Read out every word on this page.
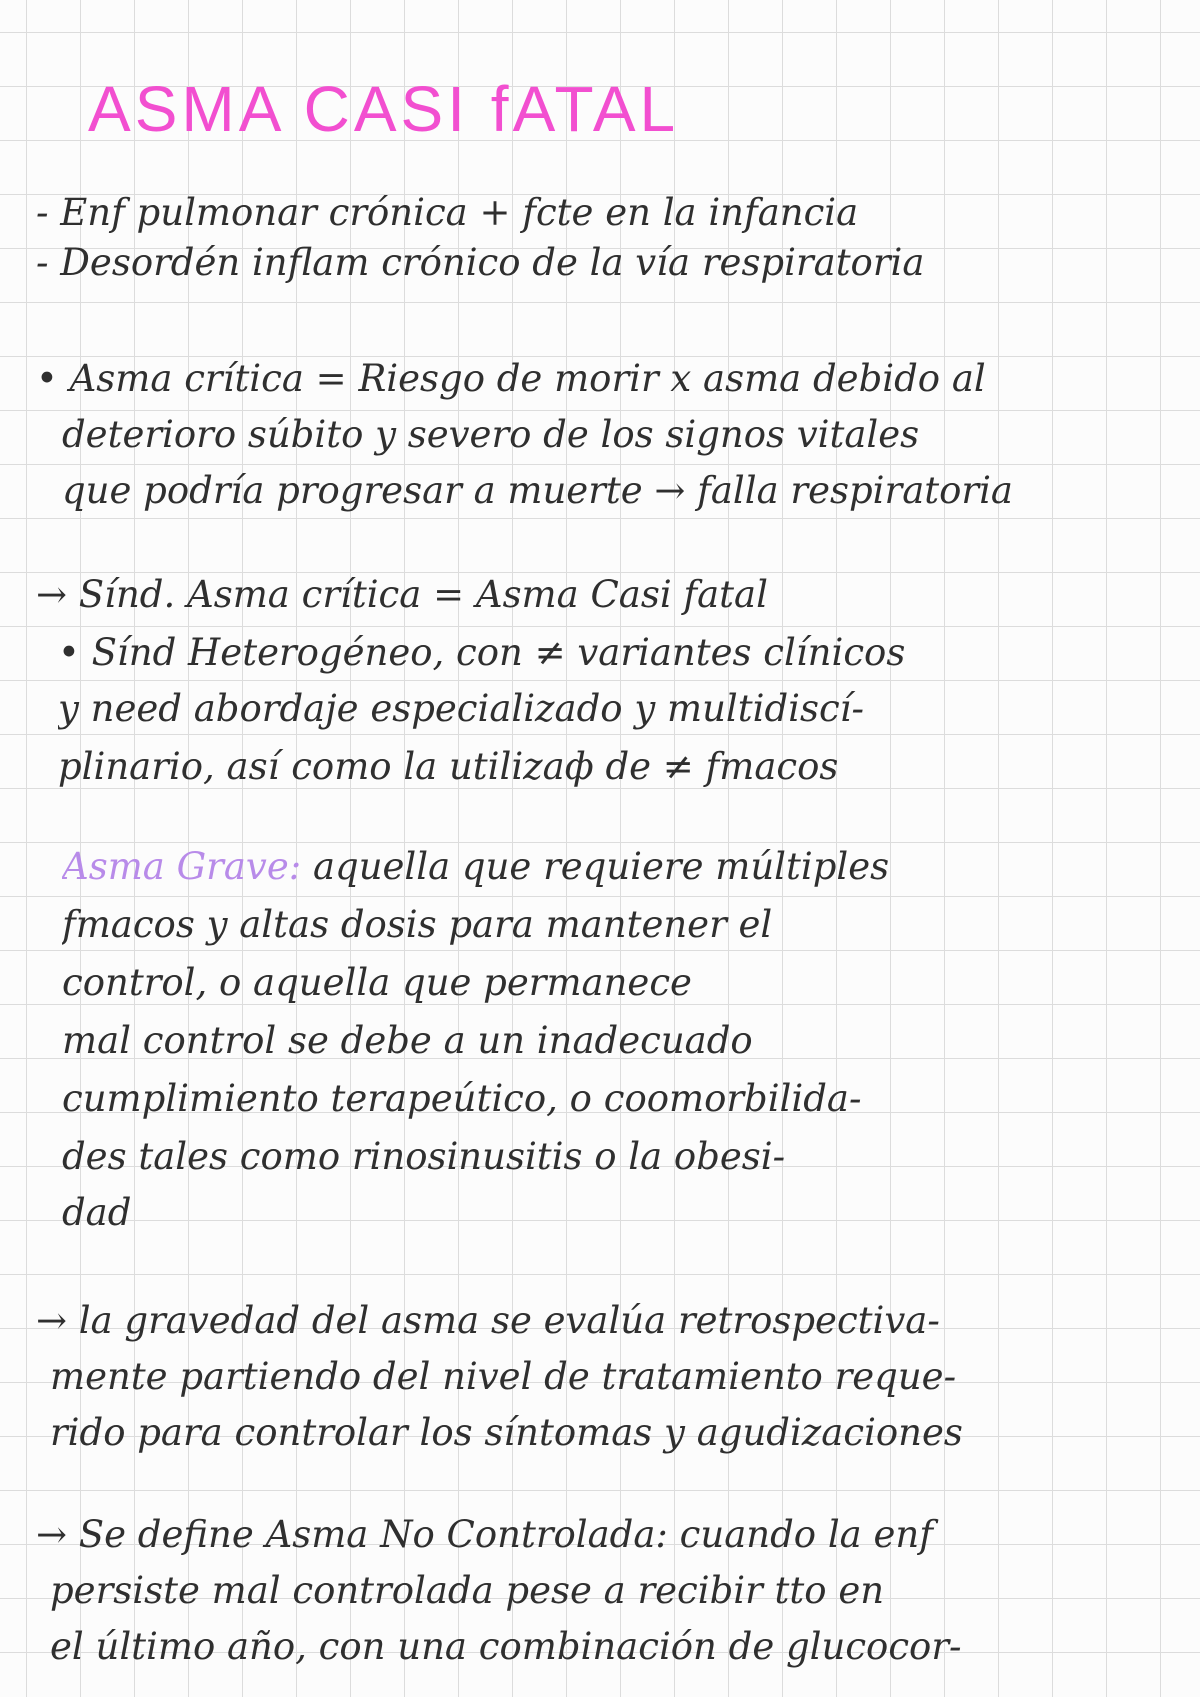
ASMA CASI fATAL
- Enf pulmonar crónica + fcte en la infancia
- Desordén inflam crónico de la vía respiratoria
• Asma crítica = Riesgo de morir x asma debido al
deterioro súbito y severo de los signos vitales
que podría progresar a muerte → falla respiratoria
→ Sínd. Asma crítica = Asma Casi fatal
• Sínd Heterogéneo, con ≠ variantes clínicos
y need abordaje especializado y multidiscí-
plinario, así como la utilizaф de ≠ fmacos
Asma Grave: aquella que requiere múltiples
fmacos y altas dosis para mantener el
control, o aquella que permanece
mal control se debe a un inadecuado
cumplimiento terapeútico, o coomorbilida-
des tales como rinosinusitis o la obesi-
dad
→ la gravedad del asma se evalúa retrospectiva-
mente partiendo del nivel de tratamiento reque-
rido para controlar los síntomas y agudizaciones
→ Se define Asma No Controlada: cuando la enf
persiste mal controlada pese a recibir tto en
el último año, con una combinación de glucocor-
